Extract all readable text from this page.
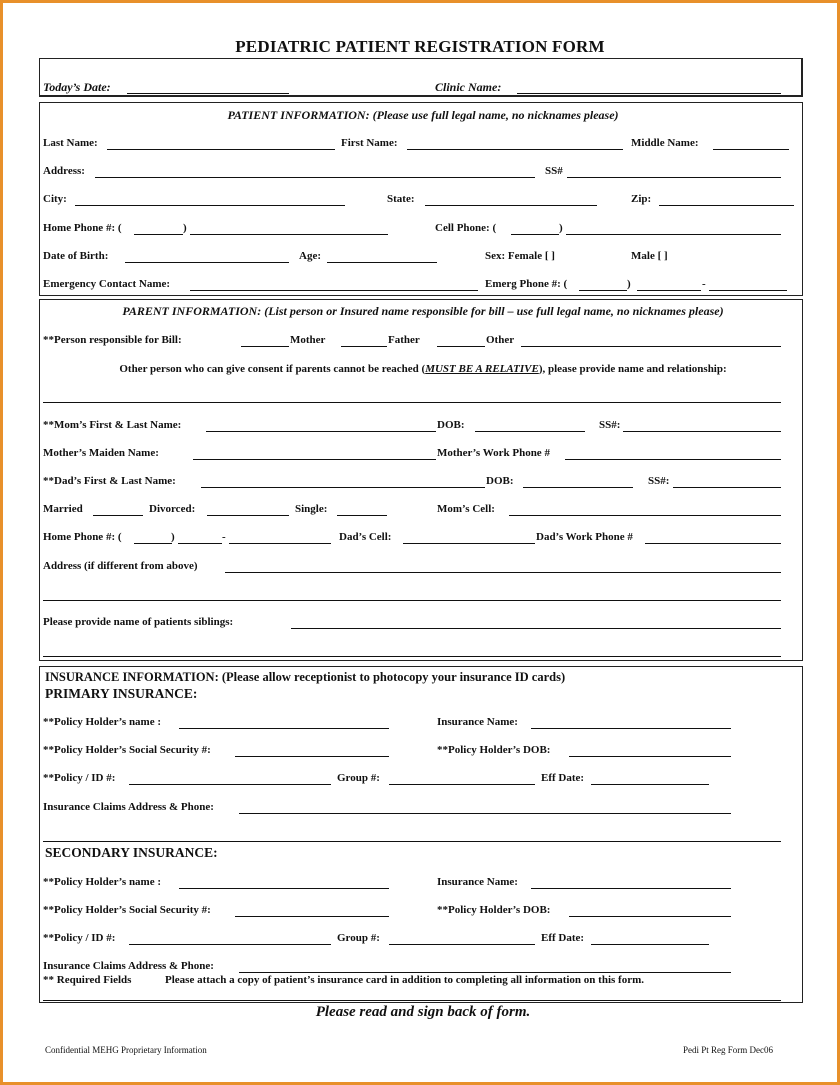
PEDIATRIC PATIENT REGISTRATION FORM
Today’s Date:	Clinic Name:
PATIENT INFORMATION: (Please use full legal name, no nicknames please)
Last Name:	First Name:	Middle Name:
Address:	SS#
City:	State:	Zip:
Home Phone #: (	)	Cell Phone: (	)
Date of Birth:	Age:	Sex: Female [ ]	Male [ ]
Emergency Contact Name:	Emerg Phone #: (	)	-
PARENT INFORMATION: (List person or Insured name responsible for bill – use full legal name, no nicknames please)
**Person responsible for Bill:	Mother	Father	Other
Other person who can give consent if parents cannot be reached (MUST BE A RELATIVE), please provide name and relationship:
**Mom’s First & Last Name:	DOB:	SS#:
Mother’s Maiden Name:	Mother’s Work Phone #
**Dad’s First & Last Name:	DOB:	SS#:
Married	Divorced:	Single:	Mom’s Cell:
Home Phone #: (	)	-	Dad’s Cell:	Dad’s Work Phone #
Address (if different from above)
Please provide name of patients siblings:
INSURANCE INFORMATION: (Please allow receptionist to photocopy your insurance ID cards)
PRIMARY INSURANCE:
**Policy Holder’s name :	Insurance Name:
**Policy Holder’s Social Security #:	**Policy Holder’s DOB:
**Policy / ID #:	Group #:	Eff Date:
Insurance Claims Address & Phone:
SECONDARY INSURANCE:
**Policy Holder’s name :	Insurance Name:
**Policy Holder’s Social Security #:	**Policy Holder’s DOB:
**Policy / ID #:	Group #:	Eff Date:
Insurance Claims Address & Phone:
** Required Fields	Please attach a copy of patient’s insurance card in addition to completing all information on this form.
Please read and sign back of form.
Confidential MEHG Proprietary Information	Pedi Pt Reg Form Dec06
